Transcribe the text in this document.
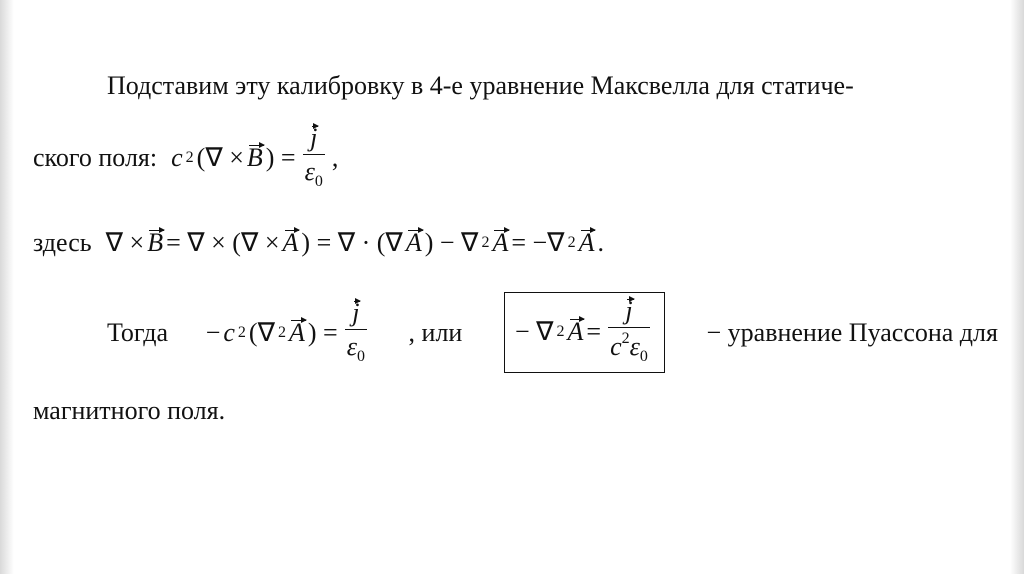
Подставим эту калибровку в 4-е уравнение Максвелла для статиче-
ского поля: c 2 (∇ × B ) = $\frac{j}{\varepsilon_0}$ ,
здесь ∇ × B = ∇ × (∇ × A ) = ∇ · (∇ A ) − ∇ 2 A = −∇ 2 A .
Тогда − c 2 (∇ 2 A ) = $\frac{j}{\varepsilon_0}$ , или − ∇ 2 $A = \frac{j}{c^2\varepsilon_0}$ − уравнение Пуассона для
магнитного поля.
